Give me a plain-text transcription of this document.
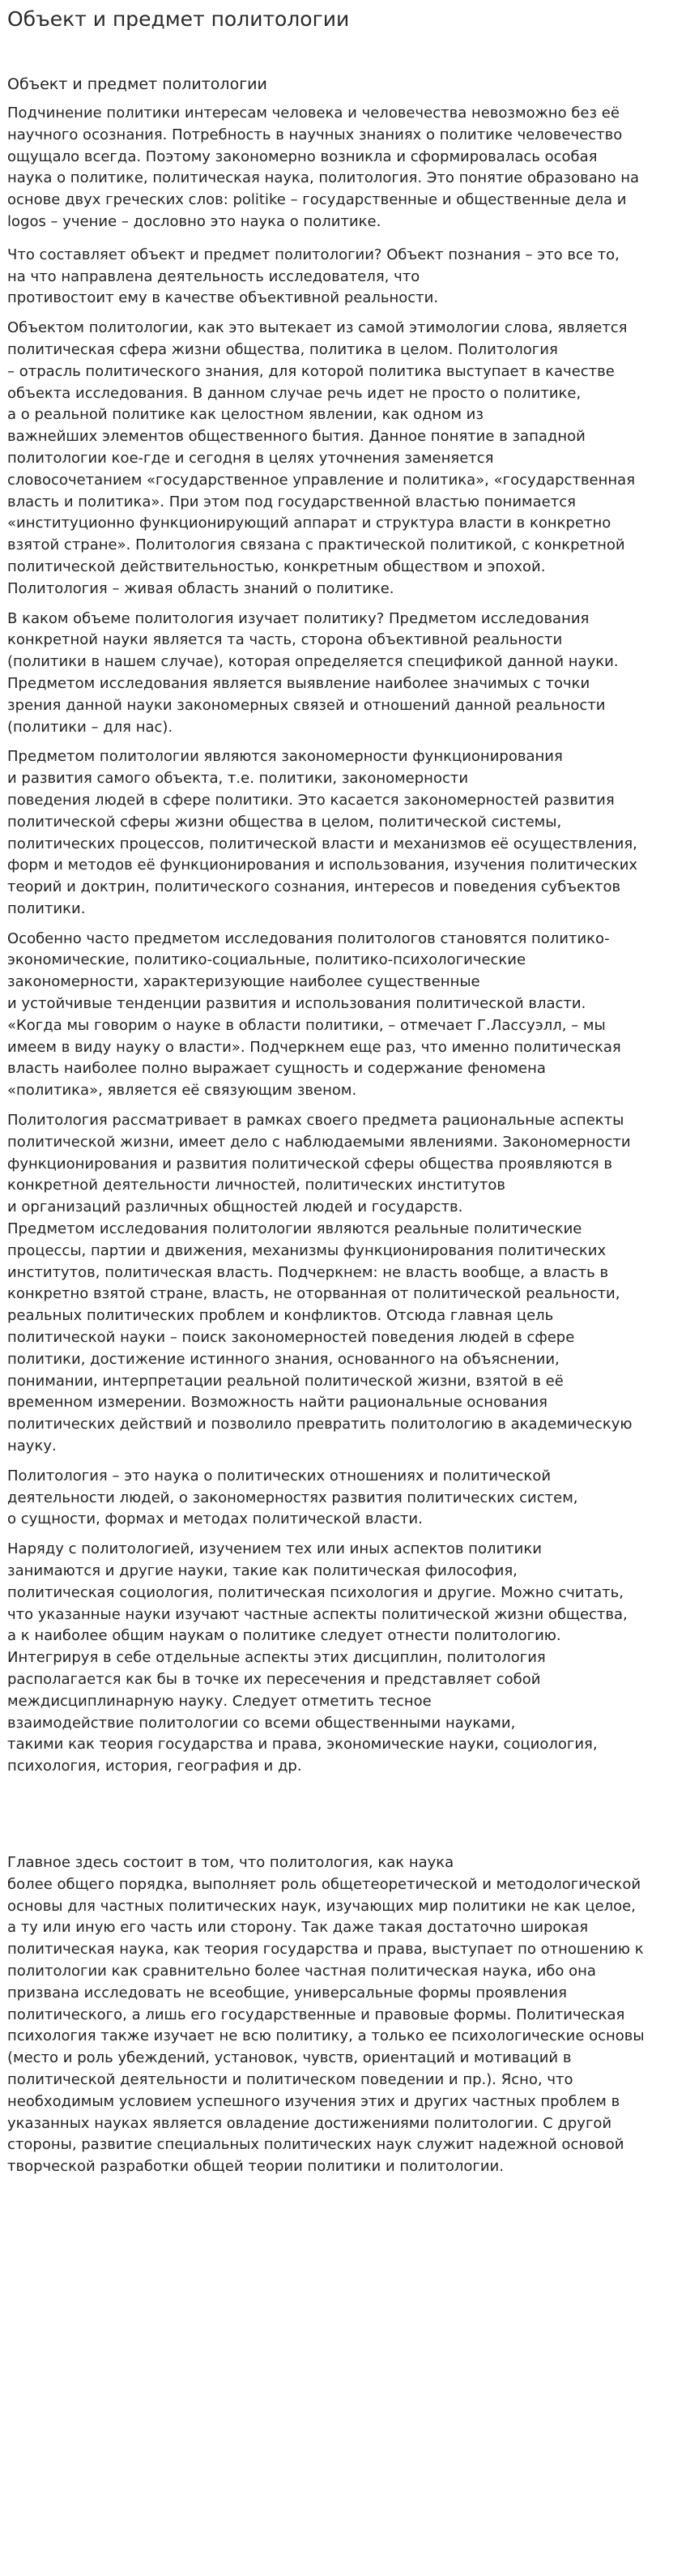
Объект и предмет политологии
Объект и предмет политологии

Подчинение политики интересам человека и человечества невозможно без её
научного осознания. Потребность в научных знаниях о политике человечество
ощущало всегда. Поэтому закономерно возникла и сформировалась особая
наука о политике, политическая наука, политология. Это понятие образовано на
основe двух греческих слов: politike – государственные и общественные дела и
logos – учение – дословно это наука о политике.

Что составляет объект и предмет политологии? Объект познания – это все то,
на что направлена деятельность исследователя, что
противостоит ему в качестве объективной реальности.

Объектом политологии, как это вытекает из самой этимологии слова, является
политическая сфера жизни общества, политика в целом. Политология
– отрасль политического знания, для которой политика выступает в качестве
объекта исследования. В данном случае речь идет не просто о политике,
а о реальной политике как целостном явлении, как одном из
важнейших элементов общественного бытия. Данное понятие в западной
политологии кое-где и сегодня в целях уточнения заменяется
словосочетанием «государственное управление и политика», «государственная
власть и политика». При этом под государственной властью понимается
«институционно функционирующий аппарат и структура власти в конкретно
взятой стране». Политология связана с практической политикой, с конкретной
политической действительностью, конкретным обществом и эпохой.
Политология – живая область знаний о политике.

В каком объеме политология изучает политику? Предметом исследования
конкретной науки является та часть, сторона объективной реальности
(политики в нашем случае), которая определяется спецификой данной науки.
Предметом исследования является выявление наиболее значимых с точки
зрения данной науки закономерных связей и отношений данной реальности
(политики – для нас).

Предметом политологии являются закономерности функционирования
и развития самого объекта, т.е. политики, закономерности
поведения людей в сфере политики. Это касается закономерностей развития
политической сферы жизни общества в целом, политической системы,
политических процессов, политической власти и механизмов её осуществления,
форм и методов её функционирования и использования, изучения политических
теорий и доктрин, политического сознания, интересов и поведения субъектов
политики.

Особенно часто предметом исследования политологов становятся политико-
экономические, политико-социальные, политико-психологические
закономерности, характеризующие наиболее существенные
и устойчивые тенденции развития и использования политической власти.
«Когда мы говорим о науке в области политики, – отмечает Г.Лассуэлл, – мы
имеем в виду науку о власти». Подчеркнем еще раз, что именно политическая
власть наиболее полно выражает сущность и содержание феномена
«политика», является её связующим звеном.

Политология рассматривает в рамках своего предмета рациональные аспекты
политической жизни, имеет дело с наблюдаемыми явлениями. Закономерности
функционирования и развития политической сферы общества проявляются в
конкретной деятельности личностей, политических институтов
и организаций различных общностей людей и государств.
Предметом исследования политологии являются реальные политические
процессы, партии и движения, механизмы функционирования политических
институтов, политическая власть. Подчеркнем: не власть вообще, а власть в
конкретно взятой стране, власть, не оторванная от политической реальности,
реальных политических проблем и конфликтов. Отсюда главная цель
политической науки – поиск закономерностей поведения людей в сфере
политики, достижение истинного знания, основанного на объяснении,
понимании, интерпретации реальной политической жизни, взятой в её
временном измерении. Возможность найти рациональные основания
политических действий и позволило превратить политологию в академическую
науку.

Политология – это наука о политических отношениях и политической
деятельности людей, о закономерностях развития политических систем,
о сущности, формах и методах политической власти.

Наряду с политологией, изучением тех или иных аспектов политики
занимаются и другие науки, такие как политическая философия,
политическая социология, политическая психология и другие. Можно считать,
что указанные науки изучают частные аспекты политической жизни общества,
а к наиболее общим наукам о политике следует отнести политологию.
Интегрируя в себе отдельные аспекты этих дисциплин, политология
располагается как бы в точке их пересечения и представляет собой
междисциплинарную науку. Следует отметить тесное
взаимодействие политологии со всеми общественными науками,
такими как теория государства и права, экономические науки, социология,
психология, история, география и др.

Главное здесь состоит в том, что политология, как наука
более общего порядка, выполняет роль общетеоретической и методологической
основы для частных политических наук, изучающих мир политики не как целое,
а ту или иную его часть или сторону. Так даже такая достаточно широкая
политическая наука, как теория государства и права, выступает по отношению к
политологии как сравнительно более частная политическая наука, ибо она
призвана исследовать не всеобщие, универсальные формы проявления
политического, а лишь его государственные и правовые формы. Политическая
психология также изучает не всю политику, а только ее психологические основы
(место и роль убеждений, установок, чувств, ориентаций и мотиваций в
политической деятельности и политическом поведении и пр.). Ясно, что
необходимым условием успешного изучения этих и других частных проблем в
указанных науках является овладение достижениями политологии. С другой
стороны, развитие специальных политических наук служит надежной основой
творческой разработки общей теории политики и политологии.
